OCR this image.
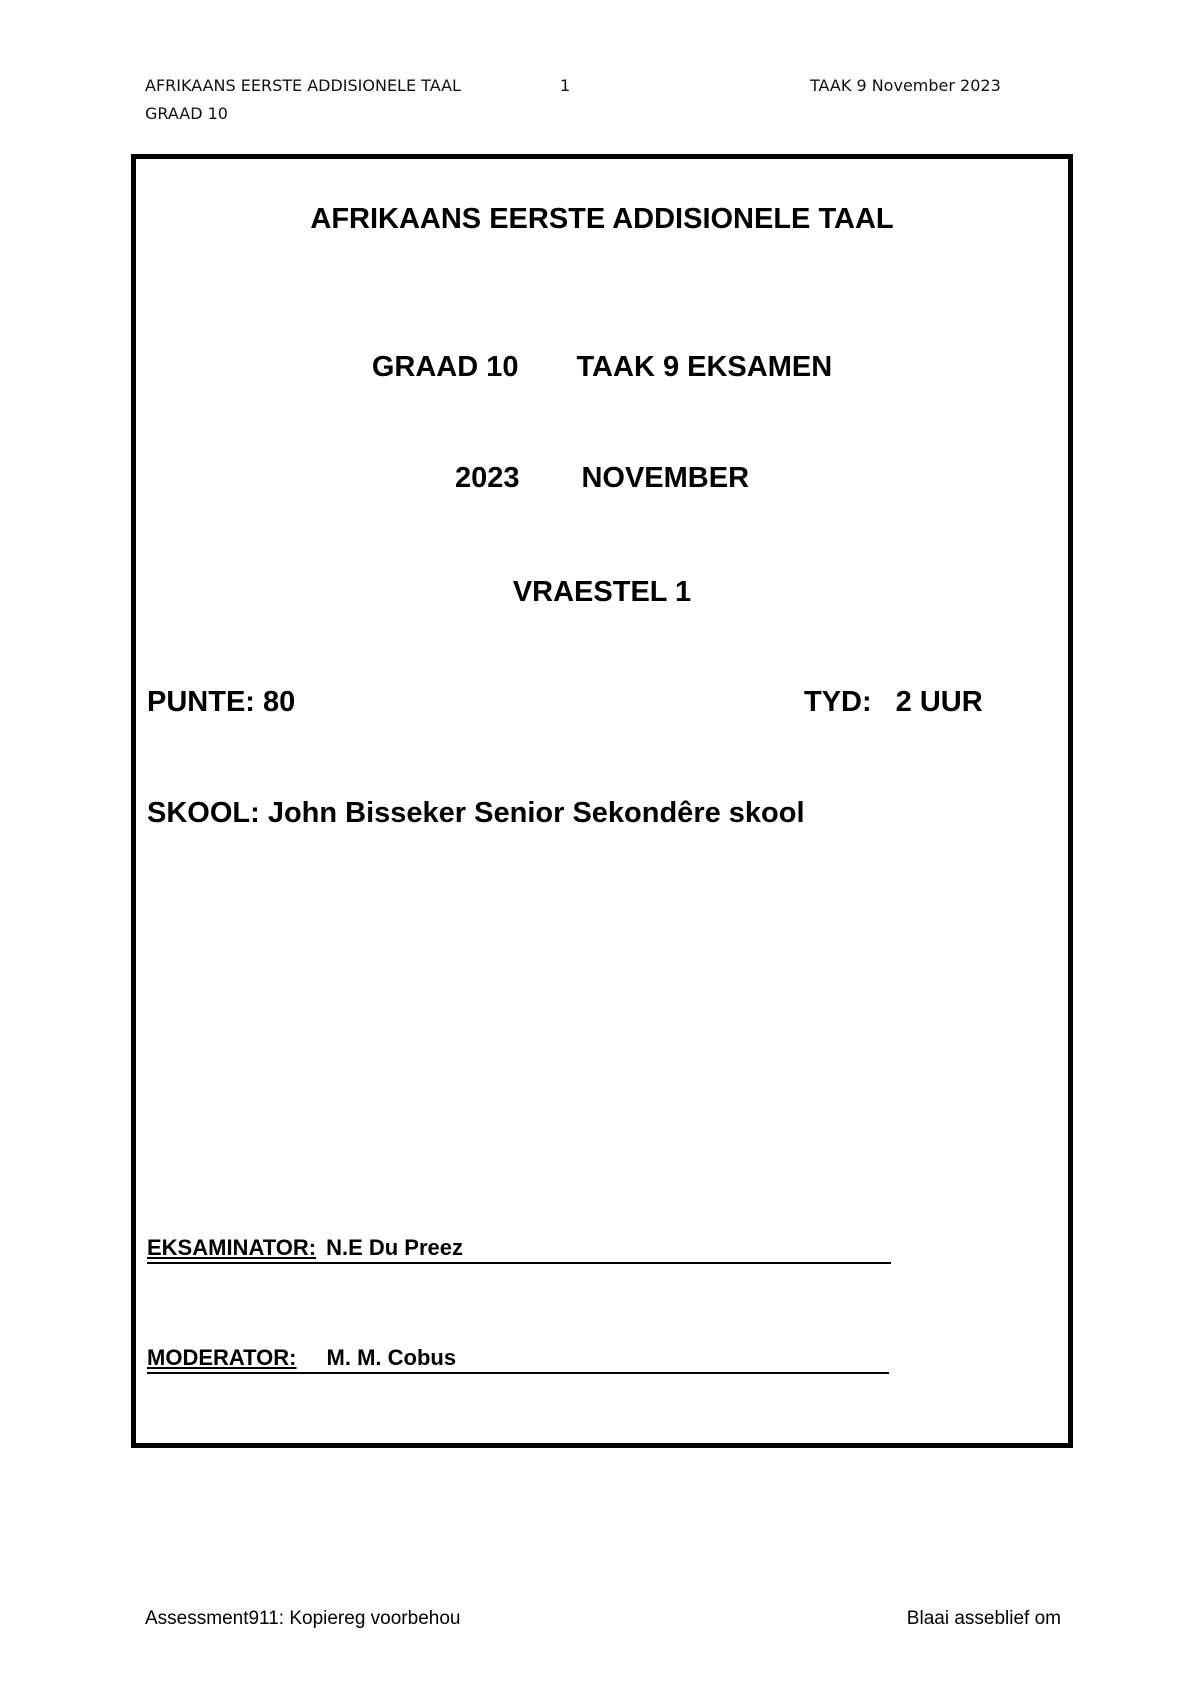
AFRIKAANS EERSTE ADDISIONELE TAAL
GRAAD 10
1	TAAK 9 November 2023
AFRIKAANS EERSTE ADDISIONELE TAAL
GRAAD 10 TAAK 9 EKSAMEN
2023 NOVEMBER
VRAESTEL 1
PUNTE: 80	TYD: 2 UUR
SKOOL: John Bisseker Senior Sekondêre skool
EKSAMINATOR: N.E Du Preez
MODERATOR: M. M. Cobus
Assessment911: Kopiereg voorbehou	Blaai asseblief om
